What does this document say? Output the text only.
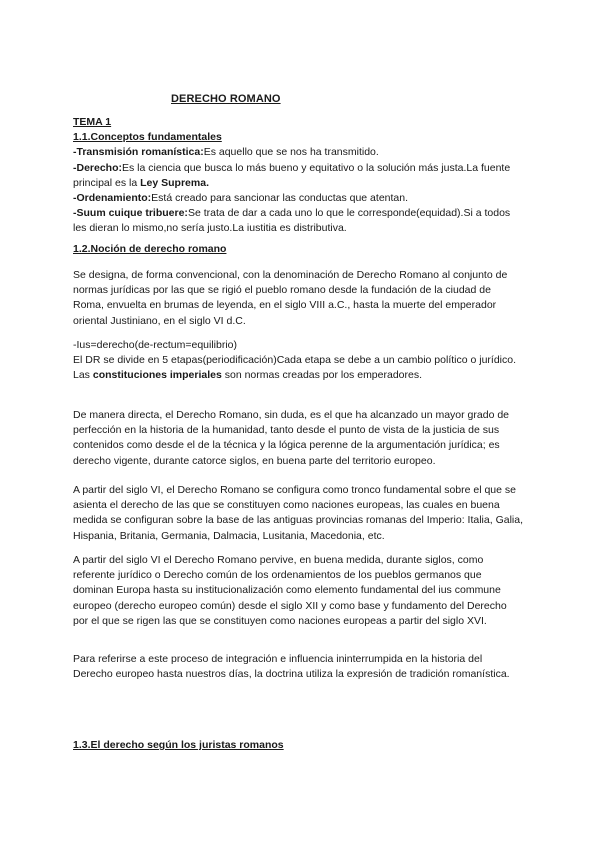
DERECHO ROMANO

TEMA 1

1.1.Conceptos fundamentales

-Transmisión romanística:Es aquello que se nos ha transmitido.

-Derecho:Es la ciencia que busca lo más bueno y equitativo o la solución más justa.La fuente principal es la Ley Suprema.

-Ordenamiento:Está creado para sancionar las conductas que atentan.

-Suum cuique tribuere:Se trata de dar a cada uno lo que le corresponde(equidad).Si a todos les dieran lo mismo,no sería justo.La iustitia es distributiva.

1.2.Noción de derecho romano

Se designa, de forma convencional, con la denominación de Derecho Romano al conjunto de normas jurídicas por las que se rigió el pueblo romano desde la fundación de la ciudad de Roma, envuelta en brumas de leyenda, en el siglo VIII a.C., hasta la muerte del emperador oriental Justiniano, en el siglo VI d.C.

-Ius=derecho(de-rectum=equilibrio)

El DR se divide en 5 etapas(periodificación)Cada etapa se debe a un cambio político o jurídico.

Las constituciones imperiales son normas creadas por los emperadores.

De manera directa, el Derecho Romano, sin duda, es el que ha alcanzado un mayor grado de perfección en la historia de la humanidad, tanto desde el punto de vista de la justicia de sus contenidos como desde el de la técnica y la lógica perenne de la argumentación jurídica; es derecho vigente, durante catorce siglos, en buena parte del territorio europeo.

A partir del siglo VI, el Derecho Romano se configura como tronco fundamental sobre el que se asienta el derecho de las que se constituyen como naciones europeas, las cuales en buena medida se configuran sobre la base de las antiguas provincias romanas del Imperio: Italia, Galia, Hispania, Britania, Germania, Dalmacia, Lusitania, Macedonia, etc.

A partir del siglo VI el Derecho Romano pervive, en buena medida, durante siglos, como referente jurídico o Derecho común de los ordenamientos de los pueblos germanos que dominan Europa hasta su institucionalización como elemento fundamental del ius commune europeo (derecho europeo común) desde el siglo XII y como base y fundamento del Derecho por el que se rigen las que se constituyen como naciones europeas a partir del siglo XVI.

Para referirse a este proceso de integración e influencia ininterrumpida en la historia del Derecho europeo hasta nuestros días, la doctrina utiliza la expresión de tradición romanística.

1.3.El derecho según los juristas romanos
